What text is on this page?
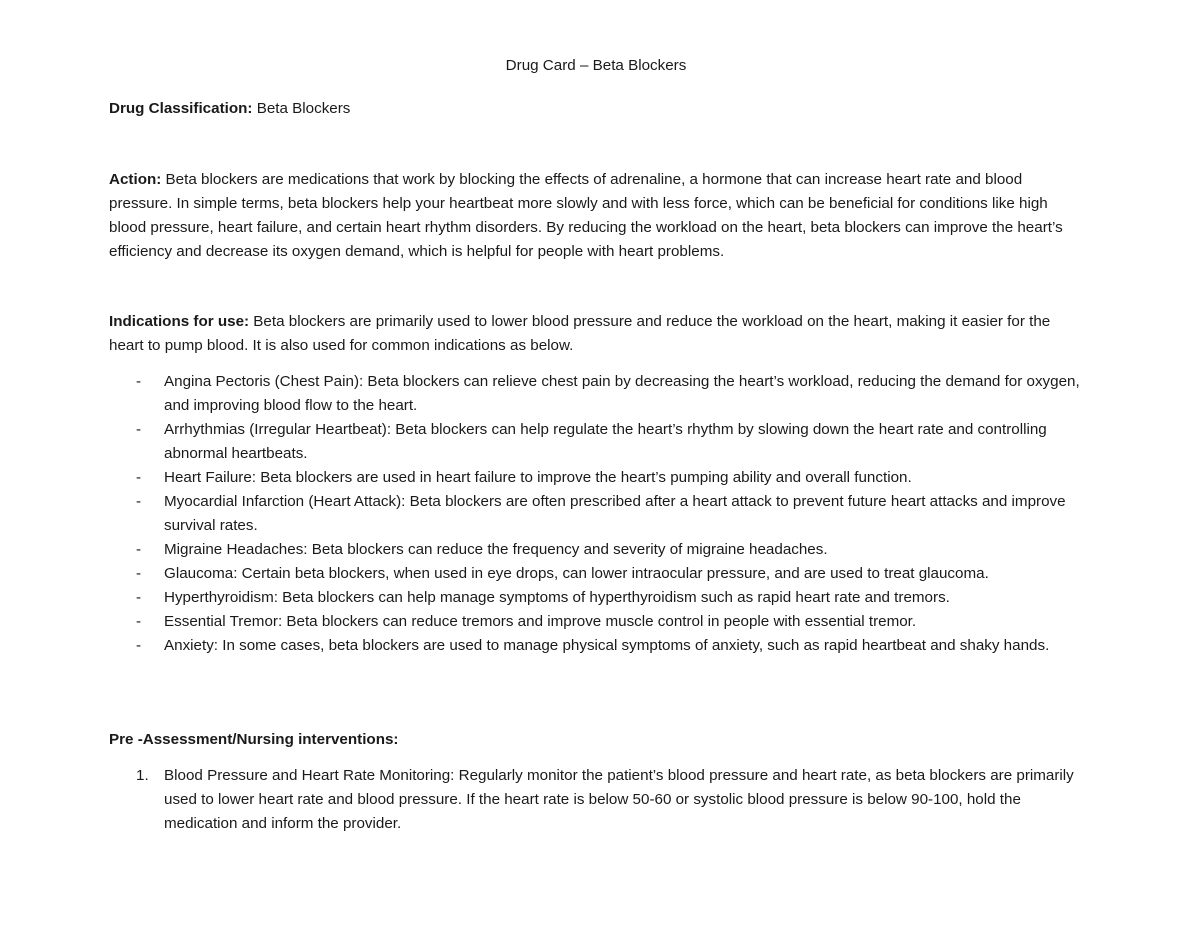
Drug Card – Beta Blockers

Drug Classification: Beta Blockers

Action: Beta blockers are medications that work by blocking the effects of adrenaline, a hormone that can increase heart rate and blood pressure. In simple terms, beta blockers help your heartbeat more slowly and with less force, which can be beneficial for conditions like high blood pressure, heart failure, and certain heart rhythm disorders. By reducing the workload on the heart, beta blockers can improve the heart’s efficiency and decrease its oxygen demand, which is helpful for people with heart problems.

Indications for use: Beta blockers are primarily used to lower blood pressure and reduce the workload on the heart, making it easier for the heart to pump blood. It is also used for common indications as below.

- Angina Pectoris (Chest Pain): Beta blockers can relieve chest pain by decreasing the heart’s workload, reducing the demand for oxygen, and improving blood flow to the heart.
- Arrhythmias (Irregular Heartbeat): Beta blockers can help regulate the heart’s rhythm by slowing down the heart rate and controlling abnormal heartbeats.
- Heart Failure: Beta blockers are used in heart failure to improve the heart’s pumping ability and overall function.
- Myocardial Infarction (Heart Attack): Beta blockers are often prescribed after a heart attack to prevent future heart attacks and improve survival rates.
- Migraine Headaches: Beta blockers can reduce the frequency and severity of migraine headaches.
- Glaucoma: Certain beta blockers, when used in eye drops, can lower intraocular pressure, and are used to treat glaucoma.
- Hyperthyroidism: Beta blockers can help manage symptoms of hyperthyroidism such as rapid heart rate and tremors.
- Essential Tremor: Beta blockers can reduce tremors and improve muscle control in people with essential tremor.
- Anxiety: In some cases, beta blockers are used to manage physical symptoms of anxiety, such as rapid heartbeat and shaky hands.

Pre -Assessment/Nursing interventions:

1. Blood Pressure and Heart Rate Monitoring: Regularly monitor the patient’s blood pressure and heart rate, as beta blockers are primarily used to lower heart rate and blood pressure. If the heart rate is below 50-60 or systolic blood pressure is below 90-100, hold the medication and inform the provider.
